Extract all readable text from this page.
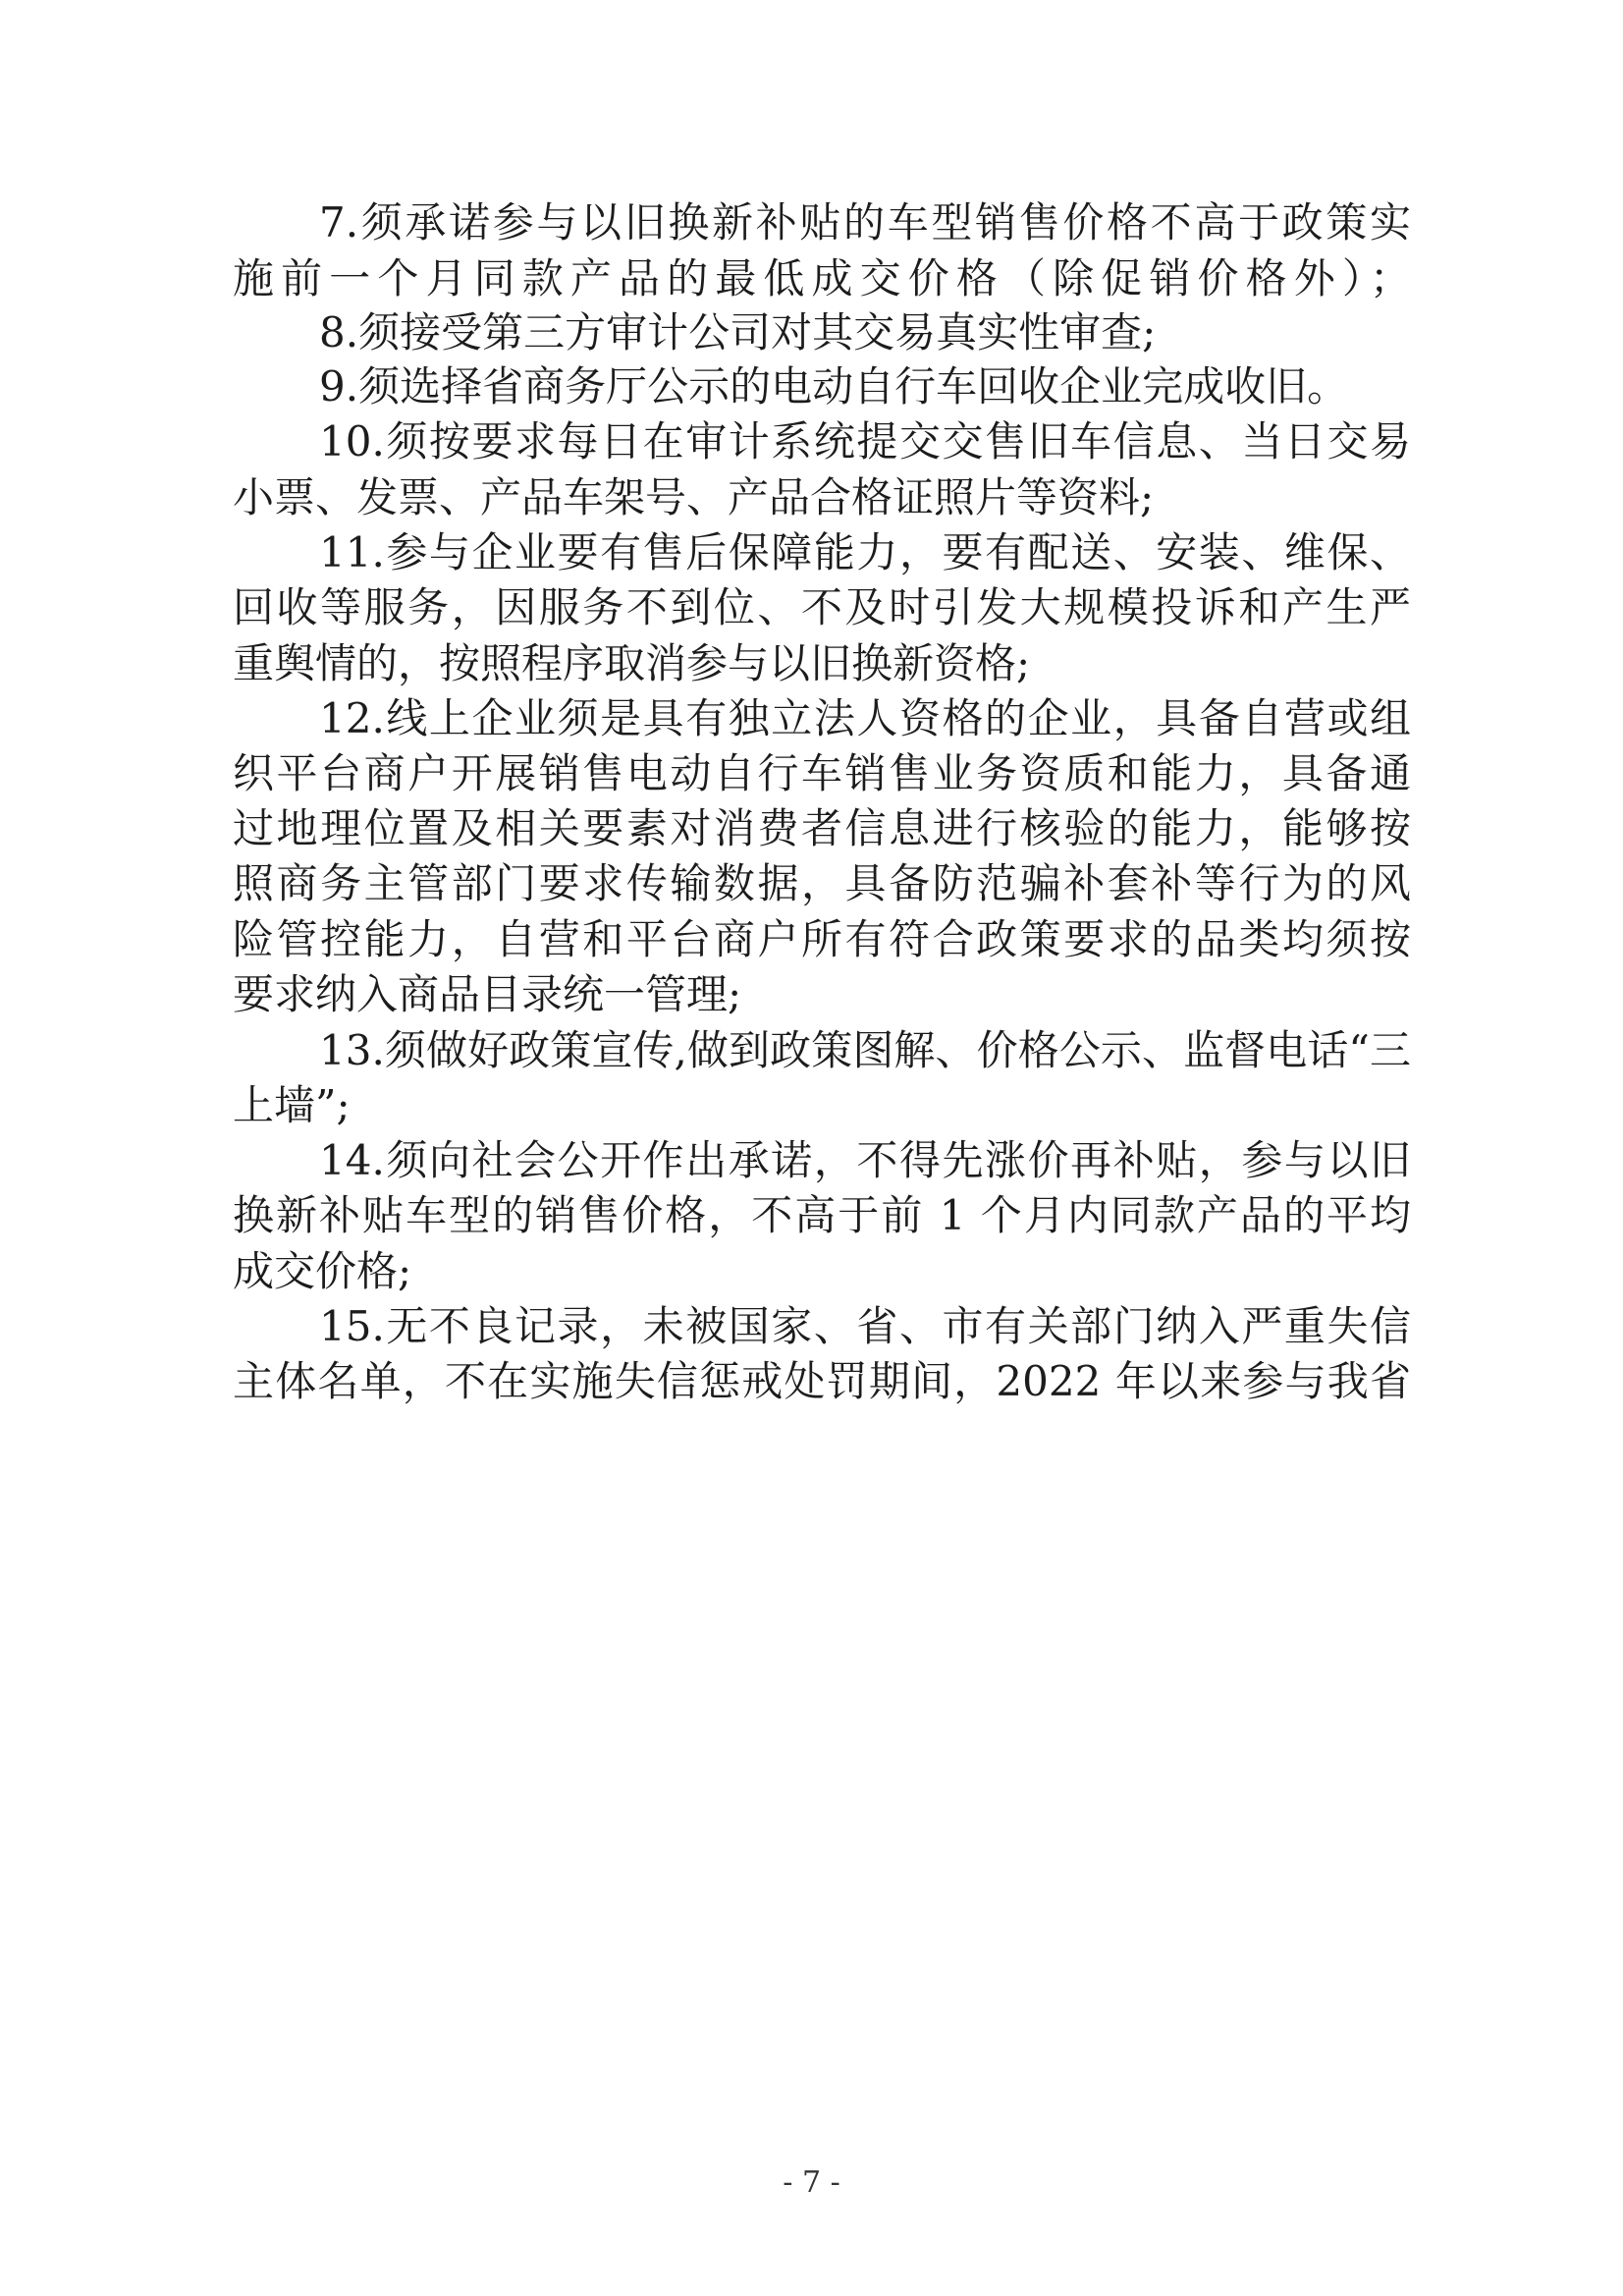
7.须承诺参与以旧换新补贴的车型销售价格不高于政策实
施前一个月同款产品的最低成交价格（除促销价格外）；
8.须接受第三方审计公司对其交易真实性审查;
9.须选择省商务厅公示的电动自行车回收企业完成收旧。
10.须按要求每日在审计系统提交交售旧车信息、当日交易
小票、发票、产品车架号、产品合格证照片等资料;
11.参与企业要有售后保障能力，要有配送、安装、维保、
回收等服务，因服务不到位、不及时引发大规模投诉和产生严
重舆情的，按照程序取消参与以旧换新资格;
12.线上企业须是具有独立法人资格的企业，具备自营或组
织平台商户开展销售电动自行车销售业务资质和能力，具备通
过地理位置及相关要素对消费者信息进行核验的能力，能够按
照商务主管部门要求传输数据，具备防范骗补套补等行为的风
险管控能力，自营和平台商户所有符合政策要求的品类均须按
要求纳入商品目录统一管理;
13.须做好政策宣传,做到政策图解、价格公示、监督电话“三
上墙”;
14.须向社会公开作出承诺，不得先涨价再补贴，参与以旧
换新补贴车型的销售价格，不高于前 1 个月内同款产品的平均
成交价格;
15.无不良记录，未被国家、省、市有关部门纳入严重失信
主体名单，不在实施失信惩戒处罚期间，2022 年以来参与我省
- 7 -
